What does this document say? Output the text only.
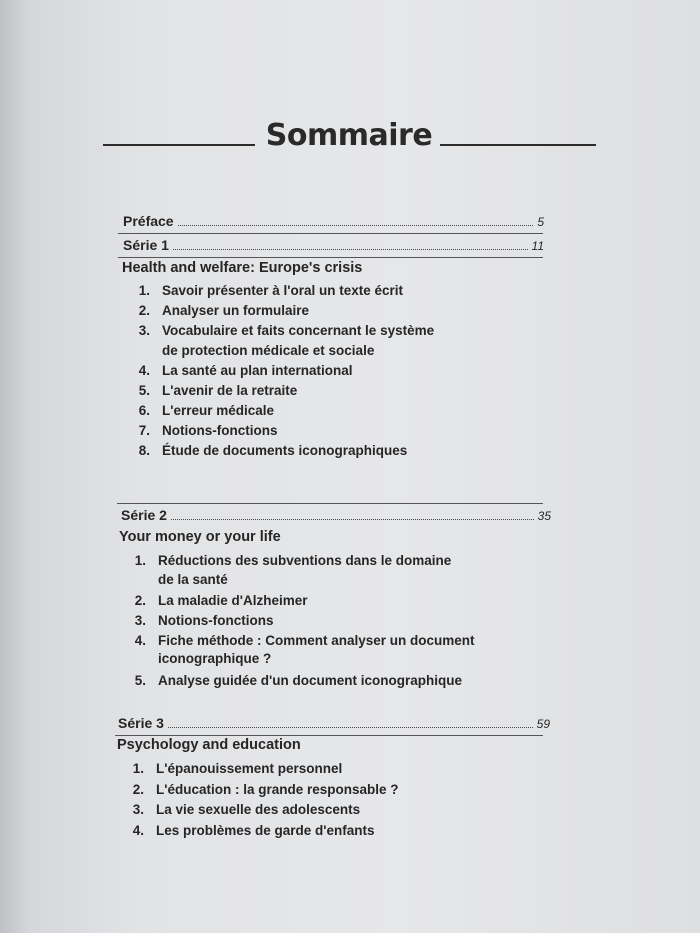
Sommaire
Préface	5
Série 1	11
Health and welfare: Europe's crisis
1. Savoir présenter à l'oral un texte écrit
2. Analyser un formulaire
3. Vocabulaire et faits concernant le système
de protection médicale et sociale
4. La santé au plan international
5. L'avenir de la retraite
6. L'erreur médicale
7. Notions-fonctions
8. Étude de documents iconographiques
Série 2	35
Your money or your life
1. Réductions des subventions dans le domaine
de la santé
2. La maladie d'Alzheimer
3. Notions-fonctions
4. Fiche méthode : Comment analyser un document
iconographique ?
5. Analyse guidée d'un document iconographique
Série 3	59
Psychology and education
1. L'épanouissement personnel
2. L'éducation : la grande responsable ?
3. La vie sexuelle des adolescents
4. Les problèmes de garde d'enfants
